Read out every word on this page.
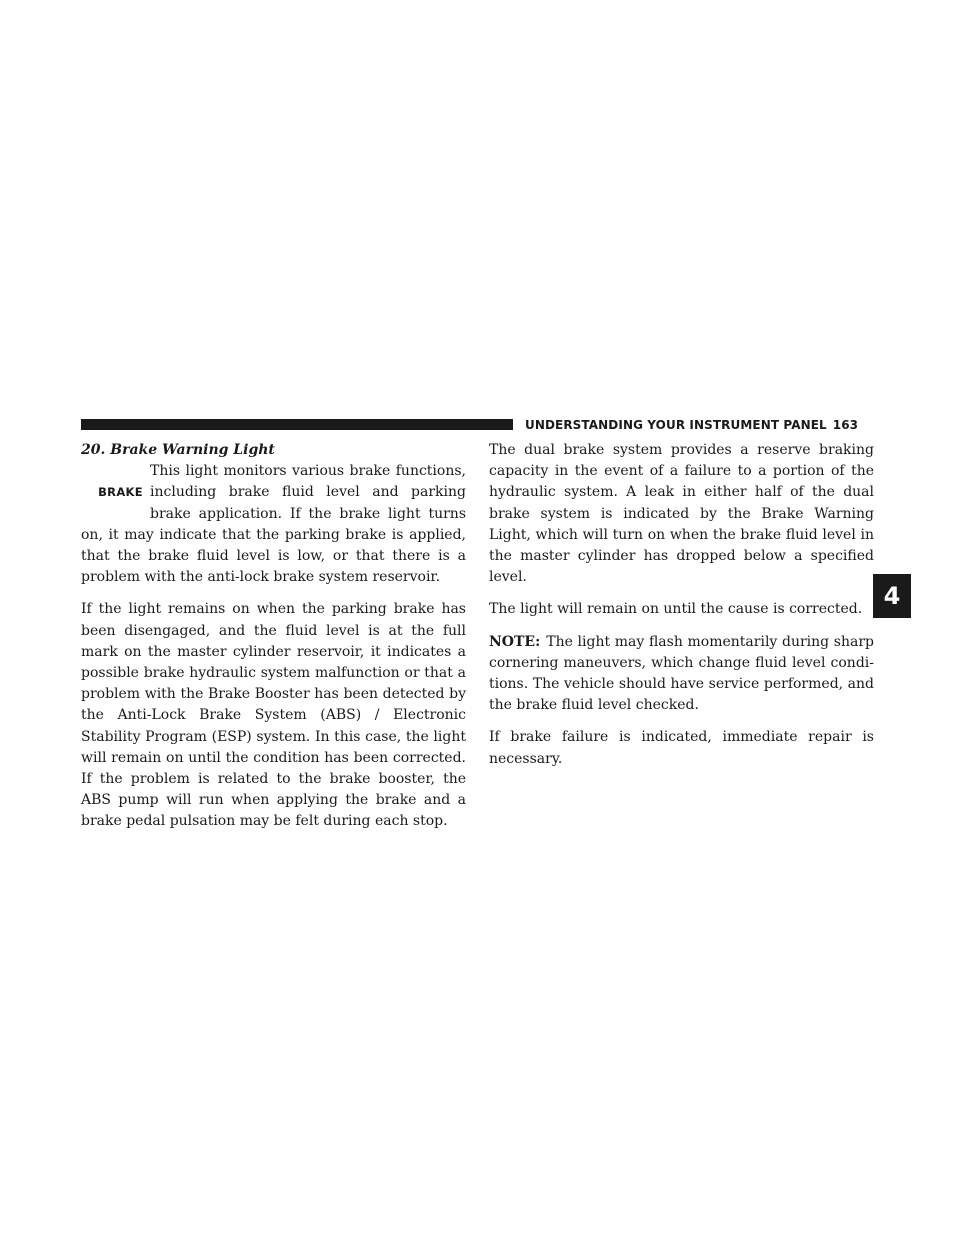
UNDERSTANDING YOUR INSTRUMENT PANEL 163
4
20. Brake Warning Light
BRAKE

This light monitors various brake functions, including brake fluid level and parking brake application. If the brake light turns on, it may indicate that the parking brake is applied, that the brake fluid level is low, or that there is a problem with the anti-lock brake system reservoir.

If the light remains on when the parking brake has been disengaged, and the fluid level is at the full mark on the master cylinder reservoir, it indicates a possible brake hydraulic system malfunction or that a problem with the Brake Booster has been detected by the Anti-Lock Brake System (ABS) / Electronic Stability Program (ESP) system. In this case, the light will remain on until the condition has been corrected. If the problem is related to the brake booster, the ABS pump will run when applying the brake and a brake pedal pulsation may be felt during each stop.

The dual brake system provides a reserve braking capacity in the event of a failure to a portion of the hydraulic system. A leak in either half of the dual brake system is indicated by the Brake Warning Light, which will turn on when the brake fluid level in the master cylinder has dropped below a specified level.

The light will remain on until the cause is corrected.

NOTE: The light may flash momentarily during sharp cornering maneuvers, which change fluid level conditions. The vehicle should have service performed, and the brake fluid level checked.

If brake failure is indicated, immediate repair is necessary.
